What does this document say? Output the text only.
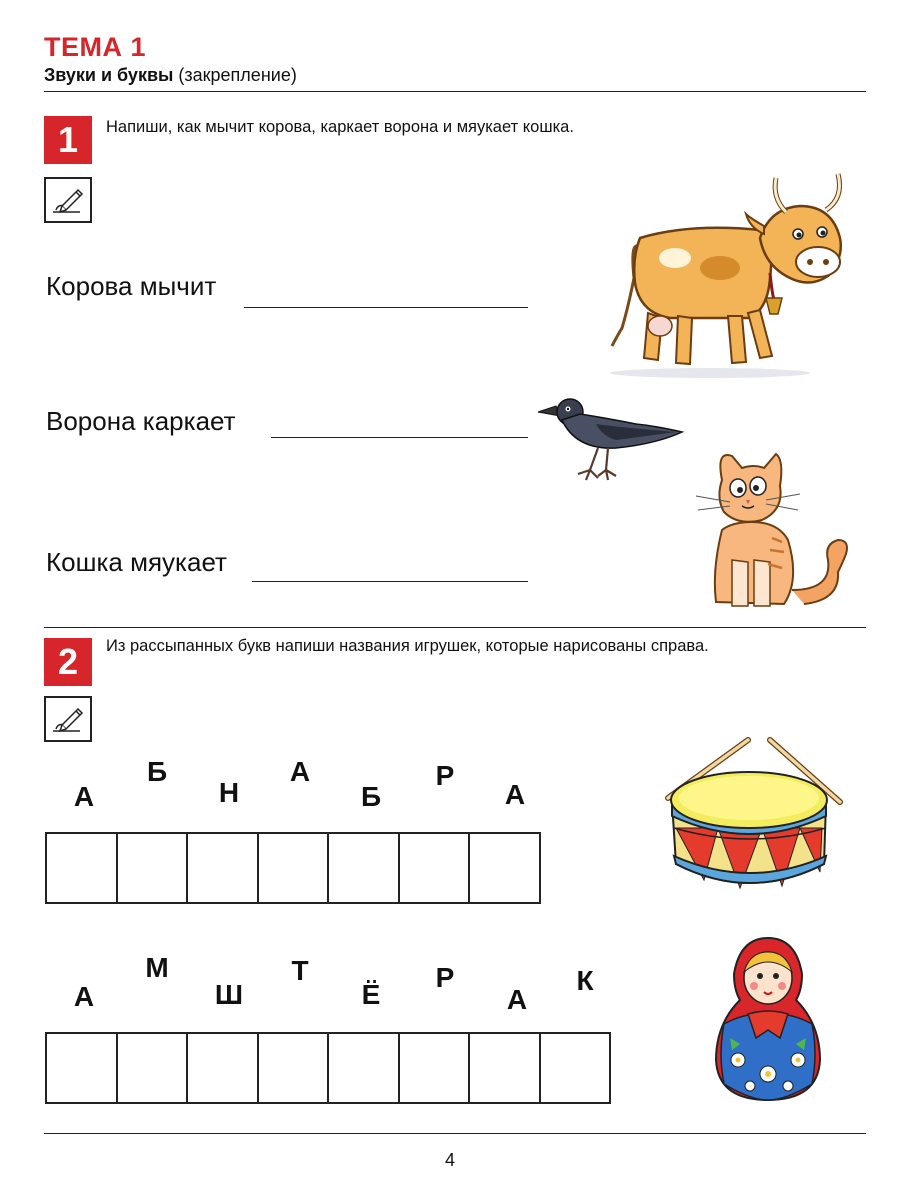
ТЕМА 1
Звуки и буквы (закрепление)
1	Напиши, как мычит корова, каркает ворона и мяукает кошка.
Корова мычит
Ворона каркает
Кошка мяукает
2	Из рассыпанных букв напиши названия игрушек, которые нарисованы справа.
А
Б
Н
А
Б
Р
А
А
М
Ш
Т
Ё
Р
А
К
4
